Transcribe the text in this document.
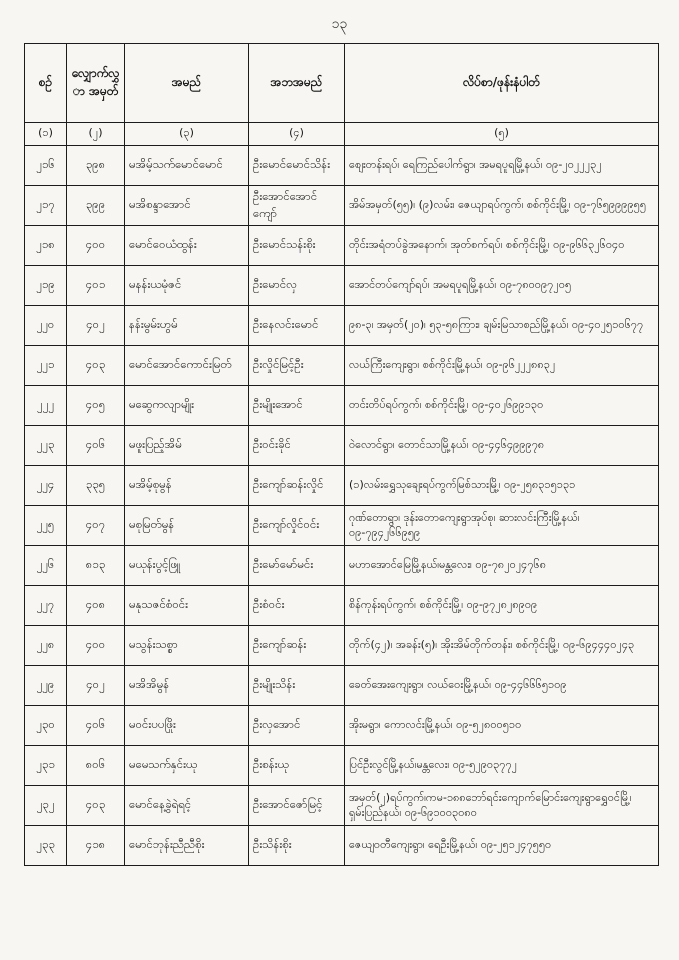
၁၃
စဥ်	လျှောက်လွှာ အမှတ်	အမည်	အဘအမည်	လိပ်စာ/ဖုန်းနံပါတ်
(၁)	(၂)	(၃)	(၄)	(၅)
၂၁၆	၃၉၈	မအိမ့်သက်မောင်မောင်	ဦးမောင်မောင်သိန်း	စျေးတန်းရပ်၊ ရေကြည်ပေါက်ရွာ၊ အမရပူရမြို့နယ်၊ ၀၉-၂၀၂၂၂၃၂
၂၁၇	၃၉၉	မအိစန္ဒာအောင်	ဦးအောင်အောင်ကျော်	အိမ်အမှတ်(၅၅)၊ (၉)လမ်း၊ ဇေယျာရပ်ကွက်၊ စစ်ကိုင်းမြို့၊ ၀၉-၇၆၅၉၉၉၉၅၅
၂၁၈	၄၀၀	မောင်ဝေယံထွန်း	ဦးမောင်သန်းစိုး	တိုင်းအရံတပ်ခွဲအနောက်၊ အုတ်စက်ရပ်၊ စစ်ကိုင်းမြို့၊ ၀၉-၉၆၆၃၂၆၀၄၀
၂၁၉	၄၀၁	မနန်းယမုံဇင်	ဦးမောင်လှ	အောင်တပ်ကျော်ရပ်၊ အမရပူရမြို့နယ်၊ ၀၉-၇၈၀၀၉၇၂၀၅
၂၂၀	၄၀၂	နန်းမွမ်းဟွမ်	ဦးနေလင်းမောင်	၉၈-၃၊ အမှတ်(၂၀)၊ ၅၃-၅၈ကြား၊ ချမ်းမြသာစည်မြို့နယ်၊ ၀၉-၄၀၂၅၁၀၆၇၇
၂၂၁	၄၀၃	မောင်အောင်ကောင်းမြတ်	ဦးလှိုင်မြင့်ဦး	လယ်ကြီးကျေးရွာ၊ စစ်ကိုင်းမြို့နယ်၊ ၀၉-၉၆၂၂၂၈၈၃၂
၂၂၂	၄၀၅	မဆွေကလျာမျိုး	ဦးမျိုးအောင်	တင်းတိပ်ရပ်ကွက်၊ စစ်ကိုင်းမြို့၊ ၀၉-၄၀၂၆၉၉၁၃၀
၂၂၃	၄၀၆	မဖူးပြည့်အိမ်	ဦးဝင်းခိုင်	ဝဲလောင်ရွာ၊ တောင်သာမြို့နယ်၊ ၀၉-၄၄၆၄၉၉၉၇၈
၂၂၄	၃၃၅	မအိမ့်စုမွန်	ဦးကျော်ဆန်းလှိုင်	(၁)လမ်းရွှေသုချေးရပ်ကွက်မြစ်သားမြို့၊ ၀၉-၂၅၈၃၁၅၁၃၁
၂၂၅	၄၀၇	မစုမြတ်မွန်	ဦးကျော်လှိုင်ဝင်း	ဂုဏ်တောရွာ၊ ဒုန်းတောကျေးရွာအုပ်စု၊ ဆားလင်းကြီးမြို့နယ်၊ ၀၉-၇၉၄၂၆၆၉၅၉
၂၂၆	၈၁၃	မယုန်းပွင့်ဖြူ	ဦးမော်မော်မင်း	မဟာအောင်မြေမြို့နယ်၊မန္တလေး၊ ၀၉-၇၈၂၀၂၄၇၆၈
၂၂၇	၄၀၈	မနုသဇင်စံဝင်း	ဦးစံဝင်း	စိန်ကုန်းရပ်ကွက်၊ စစ်ကိုင်းမြို့၊ ၀၉-၉၇၂၈၂၈၉၀၉
၂၂၈	၄၀၀	မသွန်းသစ္စာ	ဦးကျော်ဆန်း	တိုက်(၄၂)၊ အခန်း(၅)၊ အိုးအိမ်တိုက်တန်း၊ စစ်ကိုင်းမြို့၊ ၀၉-၆၉၄၄၄၀၂၄၃
၂၂၉	၄၀၂	မအိအိမွန်	ဦးမျိုးသိန်း	ခေတ်အေးကျေးရွာ၊ လယ်ဝေးမြို့နယ်၊ ၀၉-၄၄၆၆၆၅၁၀၉
၂၃၀	၄၀၆	မဝင်းပပဖြိုး	ဦးလှအောင်	အိုးမရွာ၊ ကောလင်းမြို့နယ်၊ ၀၉-၅၂၈၀၀၅၁၀
၂၃၁	၈၀၆	မမေသက်နှင်းယု	ဦးစန်းယု	ပြင်ဦးလွင်မြို့နယ်၊မန္တလေး၊ ၀၉-၅၂၉၀၃၇၇၂
၂၃၂	၄၀၃	မောင်နေ့ခွဲရဲရင့်	ဦးအောင်ဇော်မြင့်	အမှတ်(၂)ရပ်ကွက်၊ကမ-၁၈၈ဘော်ရင်းကျောက်မြောင်းကျေးရွာရွှေဝင်မြို့၊ ရှမ်းပြည်နယ်၊ ၀၉-၆၉၁၀၀၃၀၈၀
၂၃၃	၄၁၈	မောင်ဘုန်းညီညီစိုး	ဦးသိန်းစိုး	ဇေယျဝတီကျေးရွာ၊ ရေဦးမြို့နယ်၊ ၀၉-၂၅၁၂၄၇၅၅၀
